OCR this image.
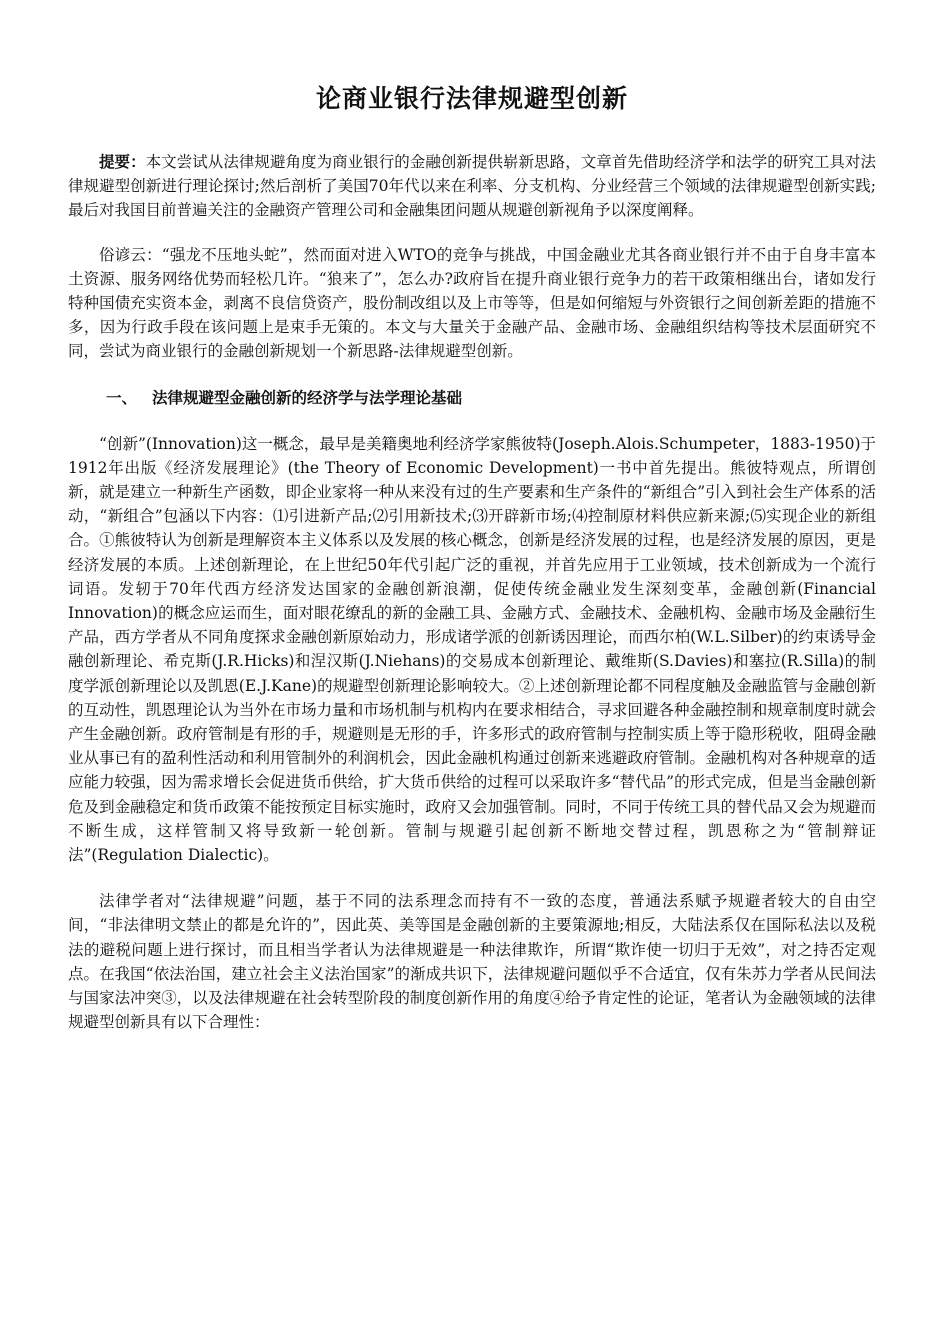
论商业银行法律规避型创新

提要：本文尝试从法律规避角度为商业银行的金融创新提供崭新思路，文章首先借助经济学和法学的研究工具对法律规避型创新进行理论探讨;然后剖析了美国70年代以来在利率、分支机构、分业经营三个领域的法律规避型创新实践;最后对我国目前普遍关注的金融资产管理公司和金融集团问题从规避创新视角予以深度阐释。

俗谚云：“强龙不压地头蛇”，然而面对进入WTO的竞争与挑战，中国金融业尤其各商业银行并不由于自身丰富本土资源、服务网络优势而轻松几许。“狼来了”，怎么办?政府旨在提升商业银行竞争力的若干政策相继出台，诸如发行特种国债充实资本金，剥离不良信贷资产，股份制改组以及上市等等，但是如何缩短与外资银行之间创新差距的措施不多，因为行政手段在该问题上是束手无策的。本文与大量关于金融产品、金融市场、金融组织结构等技术层面研究不同，尝试为商业银行的金融创新规划一个新思路-法律规避型创新。

一、 法律规避型金融创新的经济学与法学理论基础

“创新”(Innovation)这一概念，最早是美籍奥地利经济学家熊彼特(Joseph.Alois.Schumpeter，1883-1950)于1912年出版《经济发展理论》(the Theory of Economic Development)一书中首先提出。熊彼特观点，所谓创新，就是建立一种新生产函数，即企业家将一种从来没有过的生产要素和生产条件的“新组合”引入到社会生产体系的活动，“新组合”包涵以下内容：⑴引进新产品;⑵引用新技术;⑶开辟新市场;⑷控制原材料供应新来源;⑸实现企业的新组合。①熊彼特认为创新是理解资本主义体系以及发展的核心概念，创新是经济发展的过程，也是经济发展的原因，更是经济发展的本质。上述创新理论，在上世纪50年代引起广泛的重视，并首先应用于工业领域，技术创新成为一个流行词语。发轫于70年代西方经济发达国家的金融创新浪潮，促使传统金融业发生深刻变革，金融创新(Financial Innovation)的概念应运而生，面对眼花缭乱的新的金融工具、金融方式、金融技术、金融机构、金融市场及金融衍生产品，西方学者从不同角度探求金融创新原始动力，形成诸学派的创新诱因理论，而西尔柏(W.L.Silber)的约束诱导金融创新理论、希克斯(J.R.Hicks)和涅汉斯(J.Niehans)的交易成本创新理论、戴维斯(S.Davies)和塞拉(R.Silla)的制度学派创新理论以及凯恩(E.J.Kane)的规避型创新理论影响较大。②上述创新理论都不同程度触及金融监管与金融创新的互动性，凯恩理论认为当外在市场力量和市场机制与机构内在要求相结合，寻求回避各种金融控制和规章制度时就会产生金融创新。政府管制是有形的手，规避则是无形的手，许多形式的政府管制与控制实质上等于隐形税收，阻碍金融业从事已有的盈利性活动和利用管制外的利润机会，因此金融机构通过创新来逃避政府管制。金融机构对各种规章的适应能力较强，因为需求增长会促进货币供给，扩大货币供给的过程可以采取许多“替代品”的形式完成，但是当金融创新危及到金融稳定和货币政策不能按预定目标实施时，政府又会加强管制。同时，不同于传统工具的替代品又会为规避而不断生成，这样管制又将导致新一轮创新。管制与规避引起创新不断地交替过程，凯恩称之为“管制辩证法”(Regulation Dialectic)。

法律学者对“法律规避”问题，基于不同的法系理念而持有不一致的态度，普通法系赋予规避者较大的自由空间，“非法律明文禁止的都是允许的”，因此英、美等国是金融创新的主要策源地;相反，大陆法系仅在国际私法以及税法的避税问题上进行探讨，而且相当学者认为法律规避是一种法律欺诈，所谓“欺诈使一切归于无效”，对之持否定观点。在我国“依法治国，建立社会主义法治国家”的渐成共识下，法律规避问题似乎不合适宜，仅有朱苏力学者从民间法与国家法冲突③，以及法律规避在社会转型阶段的制度创新作用的角度④给予肯定性的论证，笔者认为金融领域的法律规避型创新具有以下合理性：
